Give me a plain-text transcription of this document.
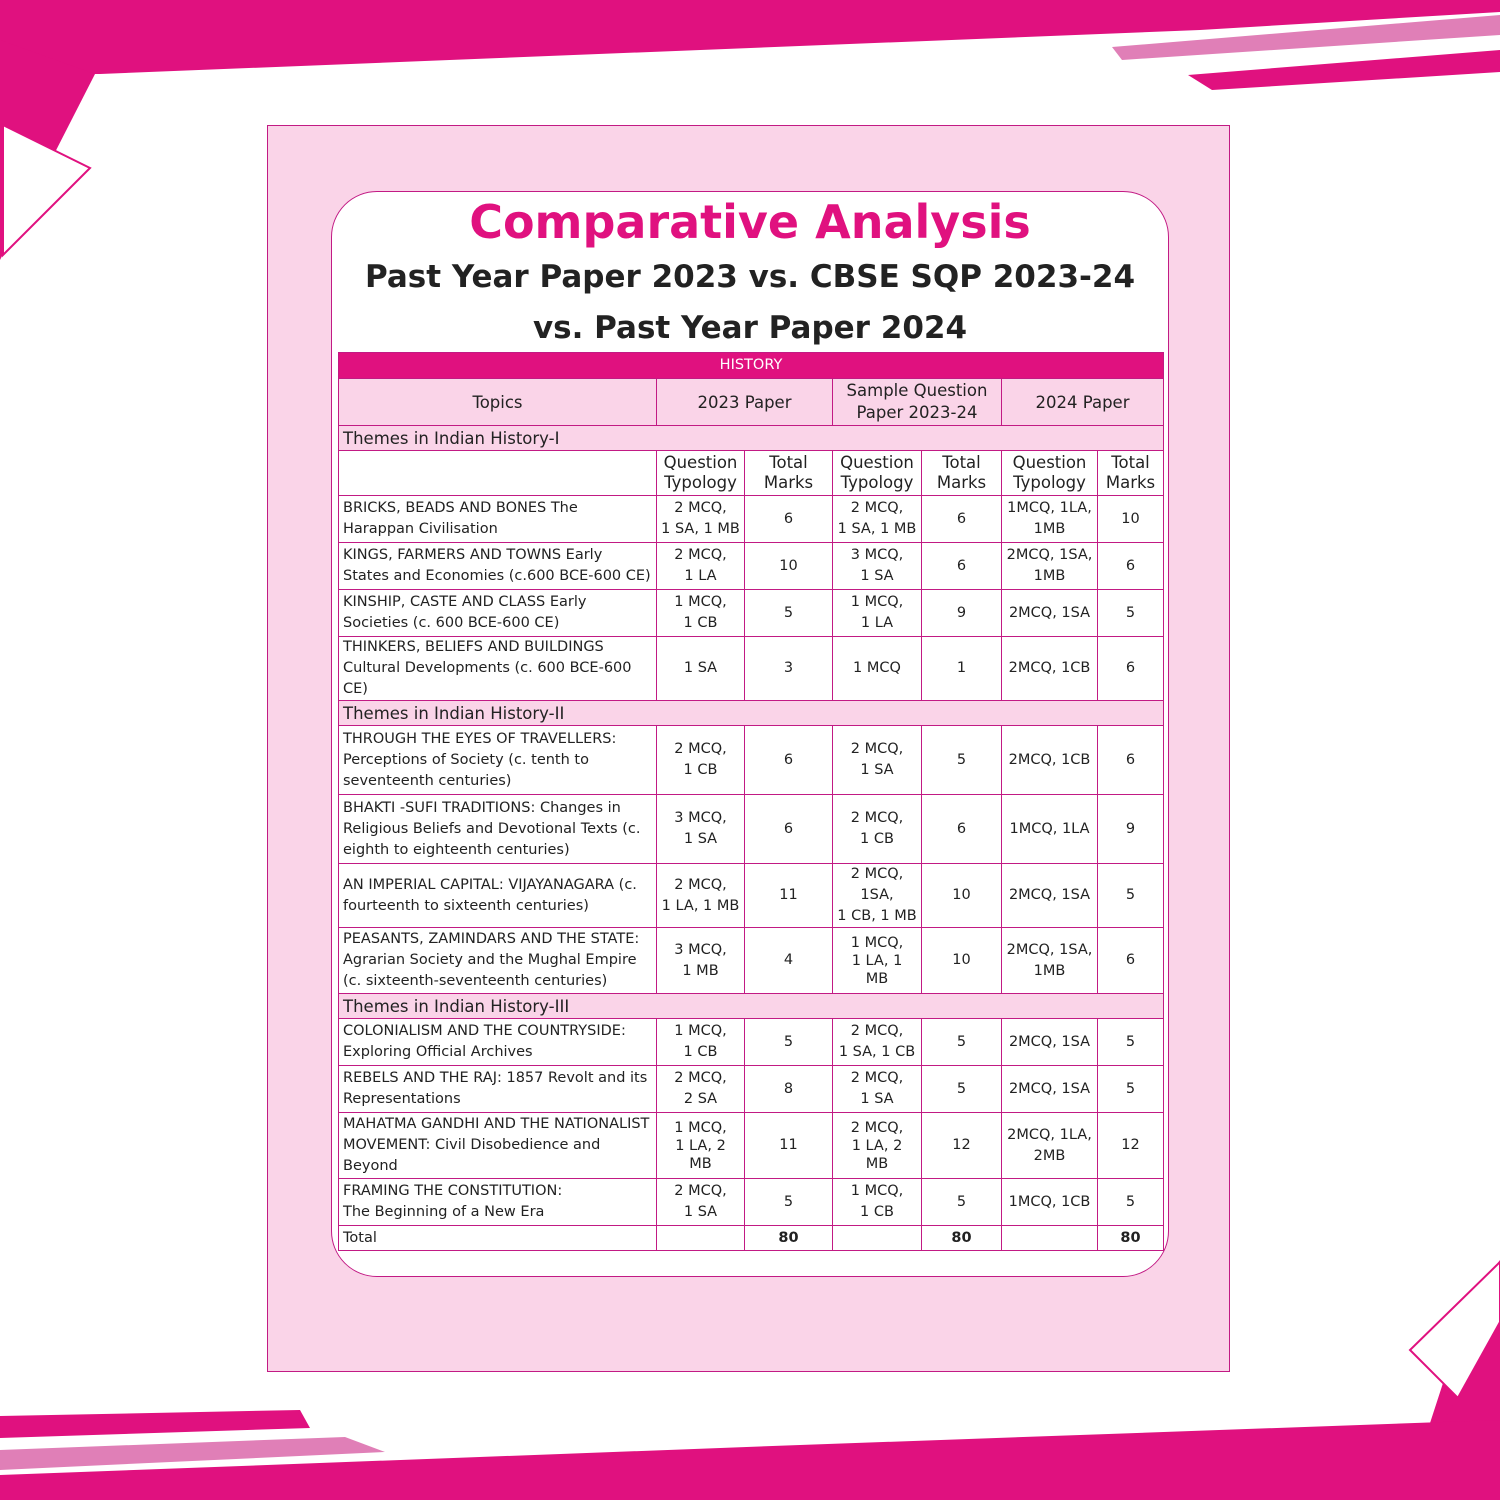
Comparative Analysis
Past Year Paper 2023 vs. CBSE SQP 2023-24
vs. Past Year Paper 2024
HISTORY						
Topics	2023 Paper		Sample Question Paper 2023-24		2024 Paper	
Themes in Indian History-I						
	Question Typology	Total Marks	Question Typology	Total Marks	Question Typology	Total Marks
BRICKS, BEADS AND BONES The Harappan Civilisation	2 MCQ,
1 SA, 1 MB	6	2 MCQ,
1 SA, 1 MB	6	1MCQ, 1LA,
1MB	10
KINGS, FARMERS AND TOWNS Early States and Economies (c.600 BCE-600 CE)	2 MCQ,
1 LA	10	3 MCQ,
1 SA	6	2MCQ, 1SA,
1MB	6
KINSHIP, CASTE AND CLASS Early Societies (c. 600 BCE-600 CE)	1 MCQ,
1 CB	5	1 MCQ,
1 LA	9	2MCQ, 1SA	5
THINKERS, BELIEFS AND BUILDINGS Cultural Developments (c. 600 BCE-600 CE)	1 SA	3	1 MCQ	1	2MCQ, 1CB	6
Themes in Indian History-II						
THROUGH THE EYES OF TRAVELLERS: Perceptions of Society (c. tenth to seventeenth centuries)	2 MCQ,
1 CB	6	2 MCQ,
1 SA	5	2MCQ, 1CB	6
BHAKTI -SUFI TRADITIONS: Changes in Religious Beliefs and Devotional Texts (c. eighth to eighteenth centuries)	3 MCQ,
1 SA	6	2 MCQ,
1 CB	6	1MCQ, 1LA	9
AN IMPERIAL CAPITAL: VIJAYANAGARA (c. fourteenth to sixteenth centuries)	2 MCQ,
1 LA, 1 MB	11	2 MCQ, 1SA,
1 CB, 1 MB	10	2MCQ, 1SA	5
PEASANTS, ZAMINDARS AND THE STATE: Agrarian Society and the Mughal Empire (c. sixteenth-seventeenth centuries)	3 MCQ,
1 MB	4	1 MCQ,
1 LA, 1
MB	10	2MCQ, 1SA,
1MB	6
Themes in Indian History-III						
COLONIALISM AND THE COUNTRYSIDE: Exploring Official Archives	1 MCQ,
1 CB	5	2 MCQ,
1 SA, 1 CB	5	2MCQ, 1SA	5
REBELS AND THE RAJ: 1857 Revolt and its Representations	2 MCQ,
2 SA	8	2 MCQ,
1 SA	5	2MCQ, 1SA	5
MAHATMA GANDHI AND THE NATIONALIST MOVEMENT: Civil Disobedience and Beyond	1 MCQ,
1 LA, 2
MB	11	2 MCQ,
1 LA, 2
MB	12	2MCQ, 1LA,
2MB	12
FRAMING THE CONSTITUTION:
The Beginning of a New Era	2 MCQ,
1 SA	5	1 MCQ,
1 CB	5	1MCQ, 1CB	5
Total		80		80		80
